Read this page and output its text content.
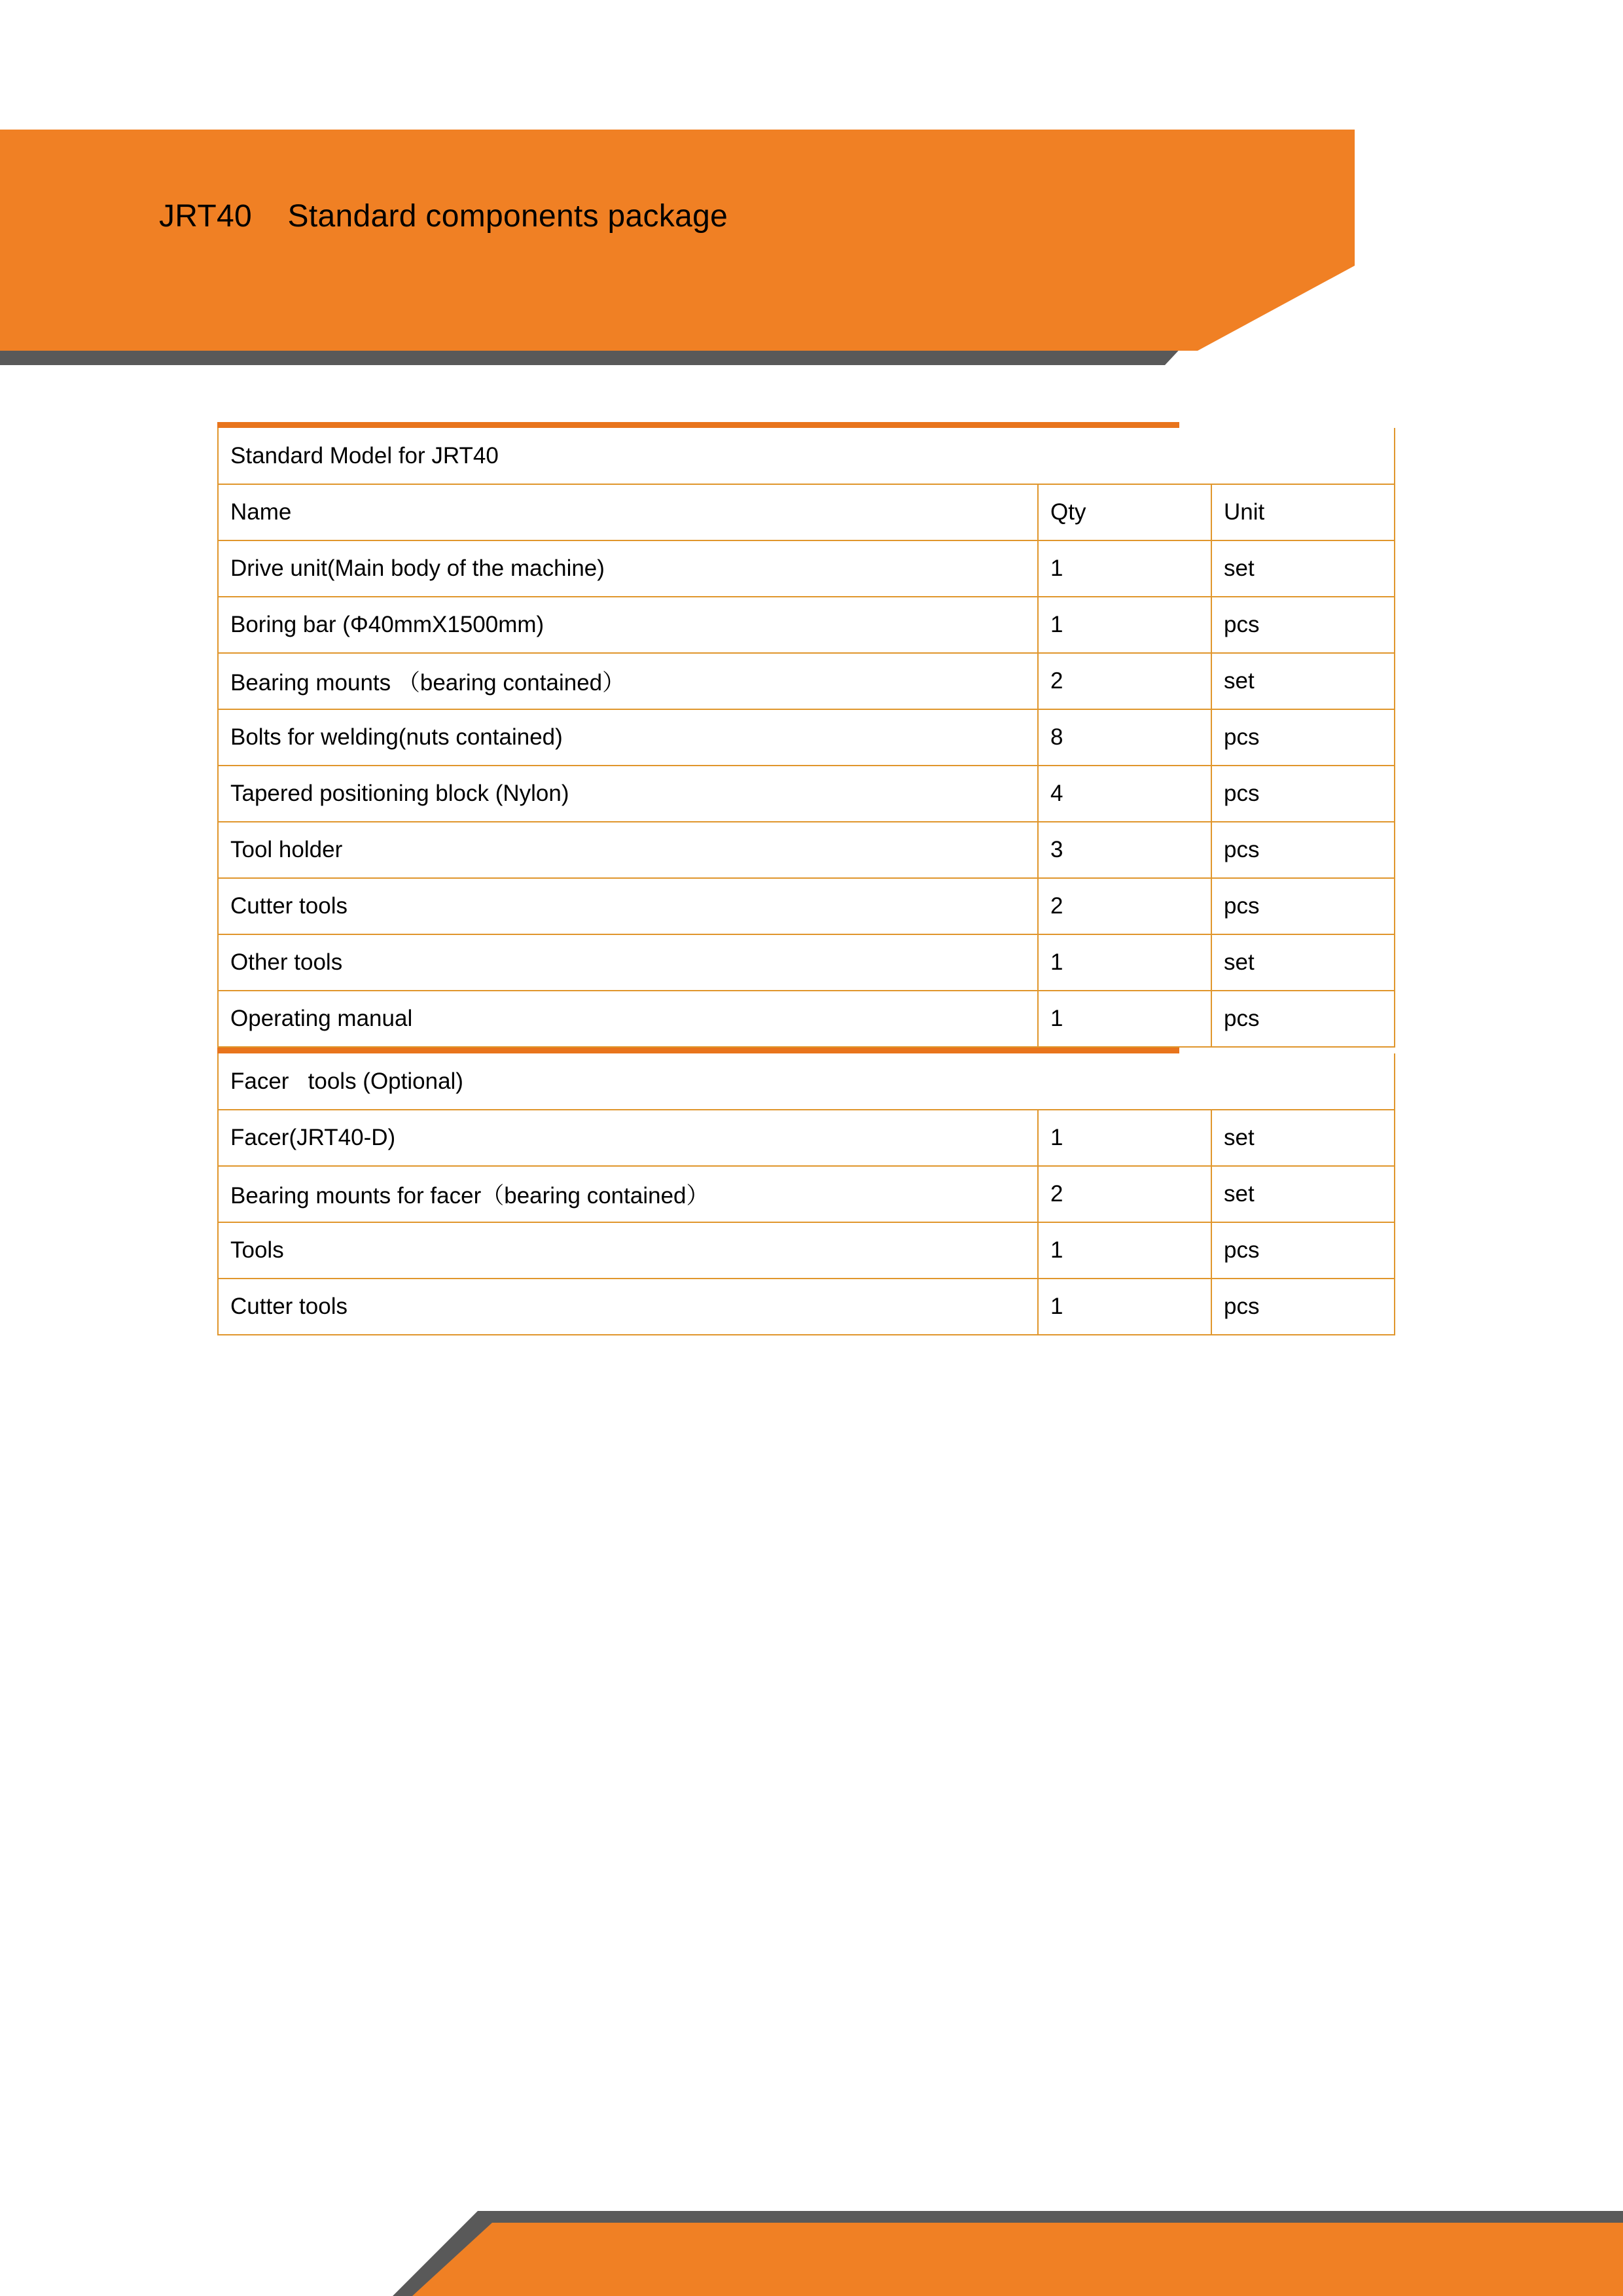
JRT40    Standard components package
Standard Model for JRT40		
Name	Qty	Unit
Drive unit(Main body of the machine)	1	set
Boring bar (Φ40mmX1500mm)	1	pcs
Bearing mounts （bearing contained）	2	set
Bolts for welding(nuts contained)	8	pcs
Tapered positioning block (Nylon)	4	pcs
Tool holder	3	pcs
Cutter tools	2	pcs
Other tools	1	set
Operating manual	1	pcs
Facer   tools (Optional)		
Facer(JRT40-D)	1	set
Bearing mounts for facer（bearing contained）	2	set
Tools	1	pcs
Cutter tools	1	pcs
